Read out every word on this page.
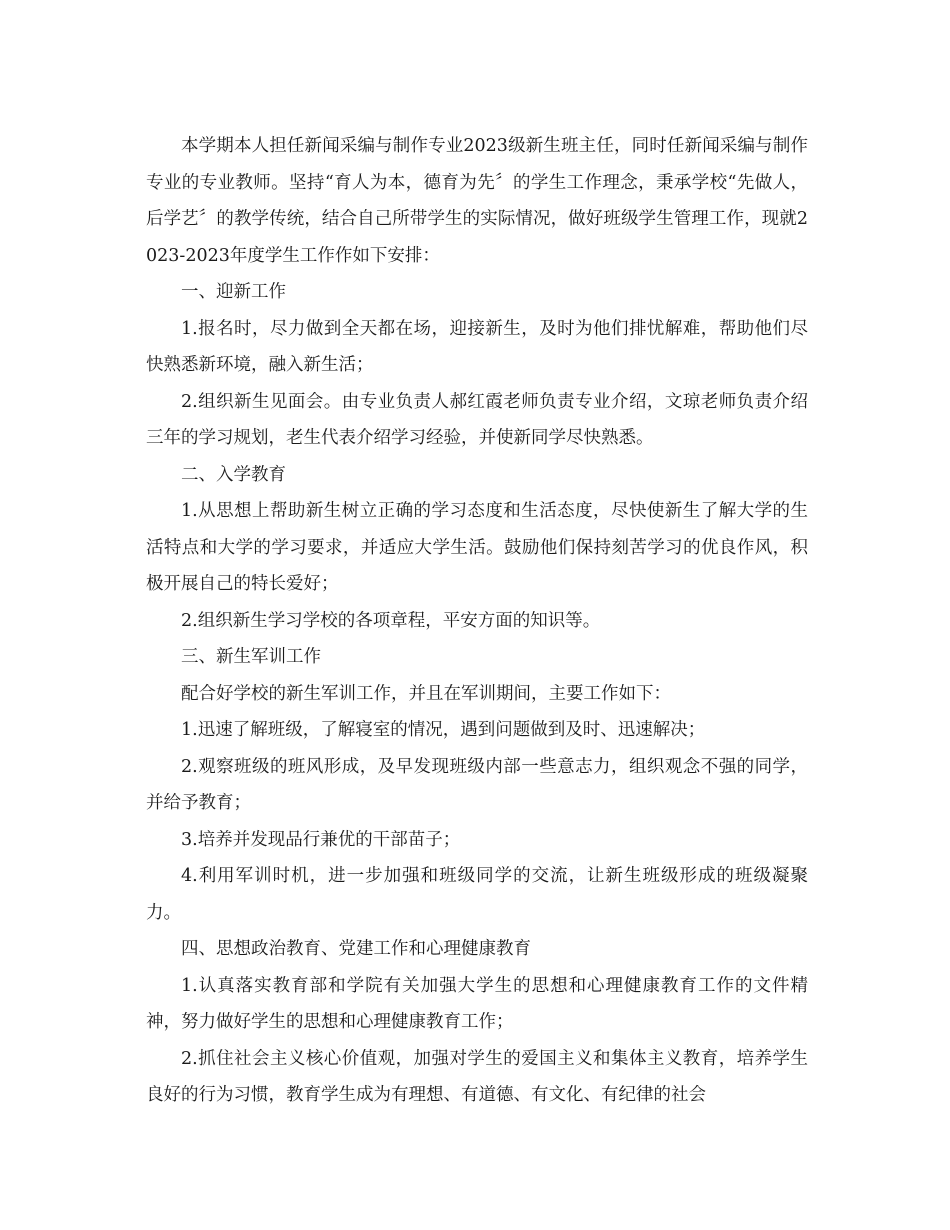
本学期本人担任新闻采编与制作专业2023级新生班主任，同时任新闻采编与制作专业的专业教师。坚持“育人为本，德育为先〞的学生工作理念，秉承学校“先做人，后学艺〞的教学传统，结合自己所带学生的实际情况，做好班级学生管理工作，现就2023-2023年度学生工作作如下安排：

一、迎新工作

1.报名时，尽力做到全天都在场，迎接新生，及时为他们排忧解难，帮助他们尽快熟悉新环境，融入新生活；

2.组织新生见面会。由专业负责人郝红霞老师负责专业介绍，文琼老师负责介绍三年的学习规划，老生代表介绍学习经验，并使新同学尽快熟悉。

二、入学教育

1.从思想上帮助新生树立正确的学习态度和生活态度，尽快使新生了解大学的生活特点和大学的学习要求，并适应大学生活。鼓励他们保持刻苦学习的优良作风，积极开展自己的特长爱好；

2.组织新生学习学校的各项章程，平安方面的知识等。

三、新生军训工作

配合好学校的新生军训工作，并且在军训期间，主要工作如下：

1.迅速了解班级，了解寝室的情况，遇到问题做到及时、迅速解决；

2.观察班级的班风形成，及早发现班级内部一些意志力，组织观念不强的同学，并给予教育；

3.培养并发现品行兼优的干部苗子；

4.利用军训时机，进一步加强和班级同学的交流，让新生班级形成的班级凝聚力。

四、思想政治教育、党建工作和心理健康教育

1.认真落实教育部和学院有关加强大学生的思想和心理健康教育工作的文件精神，努力做好学生的思想和心理健康教育工作；

2.抓住社会主义核心价值观，加强对学生的爱国主义和集体主义教育，培养学生良好的行为习惯，教育学生成为有理想、有道德、有文化、有纪律的社会
